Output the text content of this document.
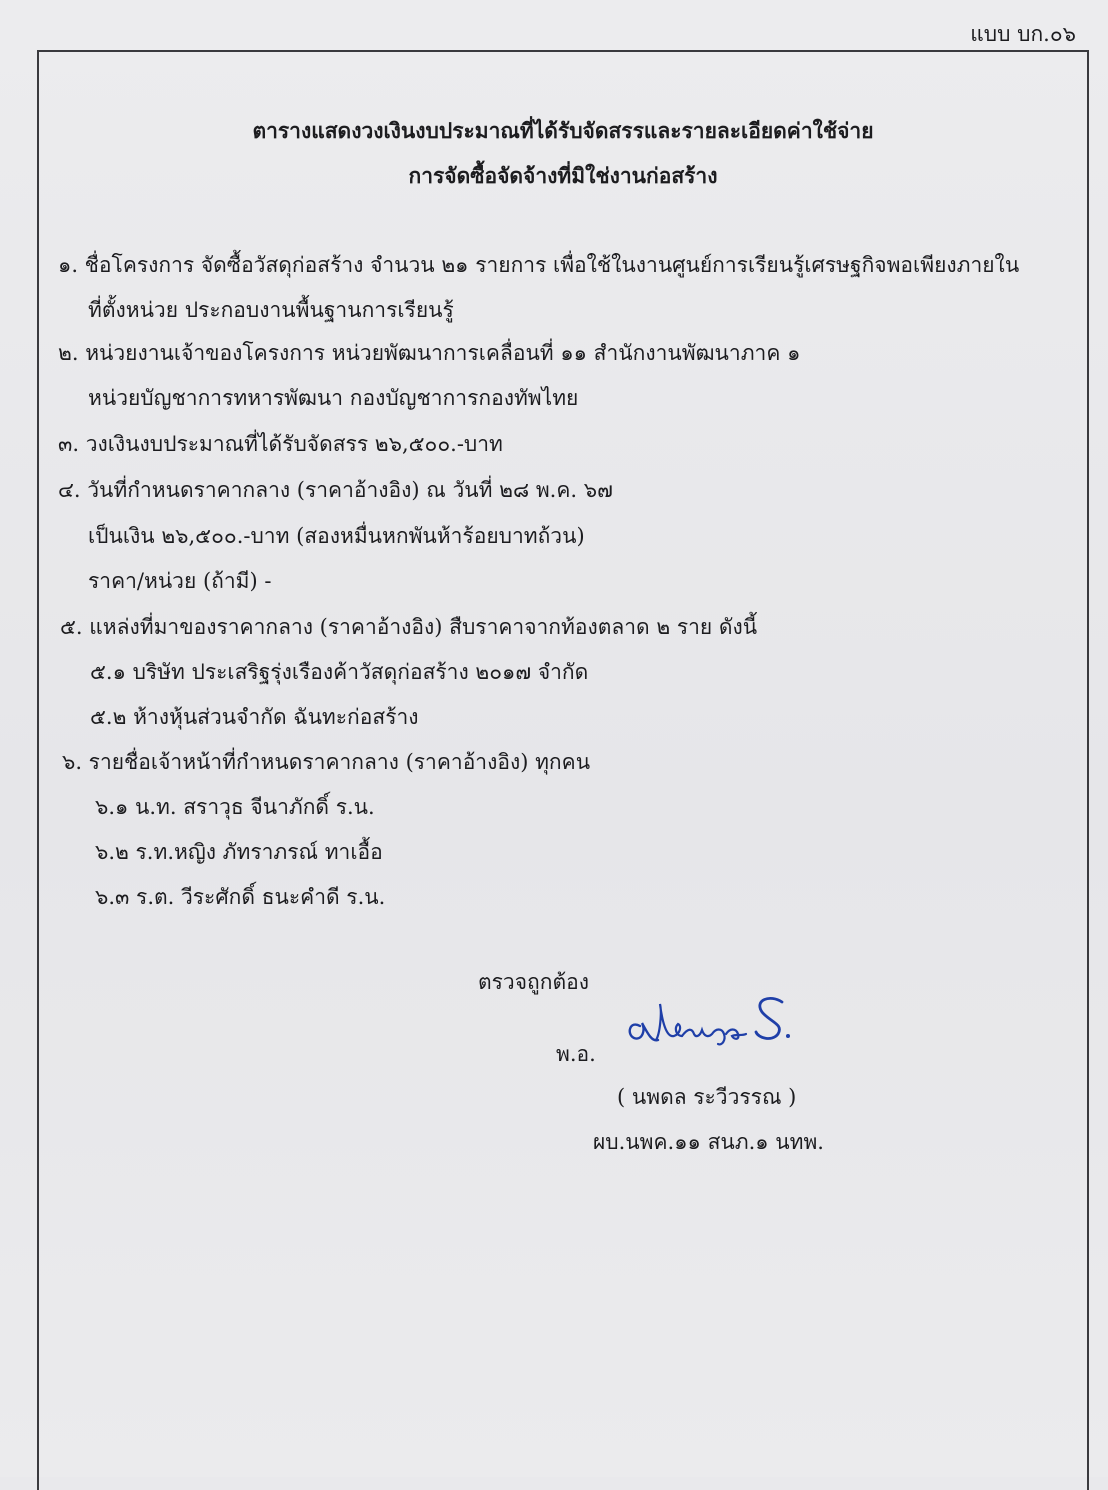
แบบ บก.๐๖
ตารางแสดงวงเงินงบประมาณที่ได้รับจัดสรรและรายละเอียดค่าใช้จ่าย
การจัดซื้อจัดจ้างที่มิใช่งานก่อสร้าง
๑. ชื่อโครงการ จัดซื้อวัสดุก่อสร้าง จำนวน ๒๑ รายการ เพื่อใช้ในงานศูนย์การเรียนรู้เศรษฐกิจพอเพียงภายใน
ที่ตั้งหน่วย ประกอบงานพื้นฐานการเรียนรู้
๒. หน่วยงานเจ้าของโครงการ หน่วยพัฒนาการเคลื่อนที่ ๑๑ สำนักงานพัฒนาภาค ๑
หน่วยบัญชาการทหารพัฒนา กองบัญชาการกองทัพไทย
๓. วงเงินงบประมาณที่ได้รับจัดสรร ๒๖,๕๐๐.-บาท
๔. วันที่กำหนดราคากลาง (ราคาอ้างอิง) ณ วันที่ ๒๘ พ.ค. ๖๗
เป็นเงิน ๒๖,๕๐๐.-บาท (สองหมื่นหกพันห้าร้อยบาทถ้วน)
ราคา/หน่วย (ถ้ามี) -
๕. แหล่งที่มาของราคากลาง (ราคาอ้างอิง) สืบราคาจากท้องตลาด ๒ ราย ดังนี้
๕.๑ บริษัท ประเสริฐรุ่งเรืองค้าวัสดุก่อสร้าง ๒๐๑๗ จำกัด
๕.๒ ห้างหุ้นส่วนจำกัด ฉันทะก่อสร้าง
๖. รายชื่อเจ้าหน้าที่กำหนดราคากลาง (ราคาอ้างอิง) ทุกคน
๖.๑ น.ท. สราวุธ จีนาภักดิ์ ร.น.
๖.๒ ร.ท.หญิง ภัทราภรณ์ ทาเอื้อ
๖.๓ ร.ต. วีระศักดิ์ ธนะคำดี ร.น.
ตรวจถูกต้อง
พ.อ.
( นพดล ระวีวรรณ )
ผบ.นพค.๑๑ สนภ.๑ นทพ.
